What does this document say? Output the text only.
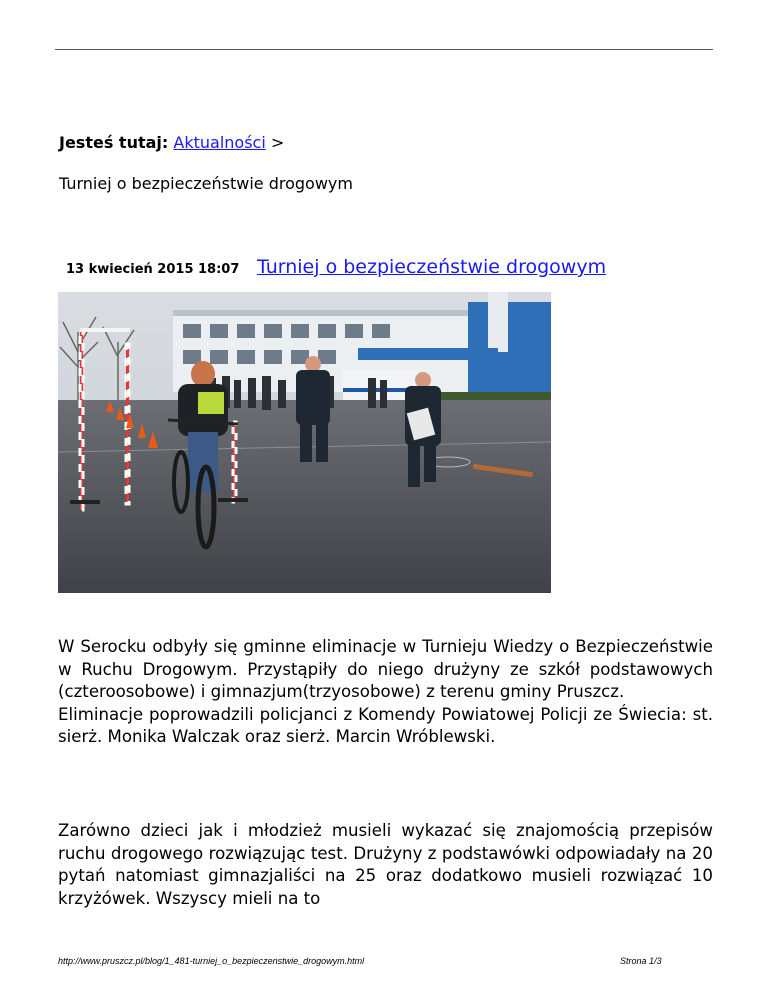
Jesteś tutaj: Aktualności >
Turniej o bezpieczeństwie drogowym
13 kwiecień 2015 18:07 Turniej o bezpieczeństwie drogowym

W Serocku odbyły się gminne eliminacje w Turnieju Wiedzy o Bezpieczeństwie w Ruchu Drogowym. Przystąpiły do niego drużyny ze szkół podstawowych (czteroosobowe) i gimnazjum(trzyosobowe) z terenu gminy Pruszcz.
Eliminacje poprowadzili policjanci z Komendy Powiatowej Policji ze Świecia: st. sierż. Monika Walczak oraz sierż. Marcin Wróblewski.

Zarówno dzieci jak i młodzież musieli wykazać się znajomością przepisów ruchu drogowego rozwiązując test. Drużyny z podstawówki odpowiadały na 20 pytań natomiast gimnazjaliści na 25 oraz dodatkowo musieli rozwiązać 10 krzyżówek. Wszyscy mieli na to

http://www.pruszcz.pl/blog/1_481-turniej_o_bezpieczenstwie_drogowym.html	Strona 1/3
